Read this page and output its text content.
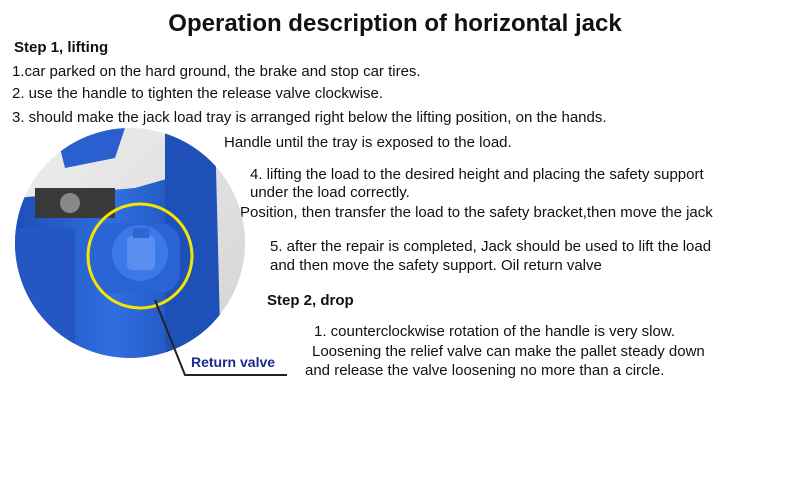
Operation description of horizontal jack
Step 1, lifting
1.car parked on the hard ground, the brake and stop car tires.
2. use the handle to tighten the release valve clockwise.
3. should make the jack load tray is arranged right below the lifting position, on the hands.
Handle until the tray is exposed to the load.
4. lifting the load to the desired height and placing the safety support
under the load correctly.
Position, then transfer the load to the safety bracket,then move the jack
5. after the repair is completed, Jack should be used to lift the load
and then move the safety support. Oil return valve
Step 2, drop
1. counterclockwise rotation of the handle is very slow.
Loosening the relief valve can make the pallet steady down
and release the valve loosening no more than a circle.
Return valve
